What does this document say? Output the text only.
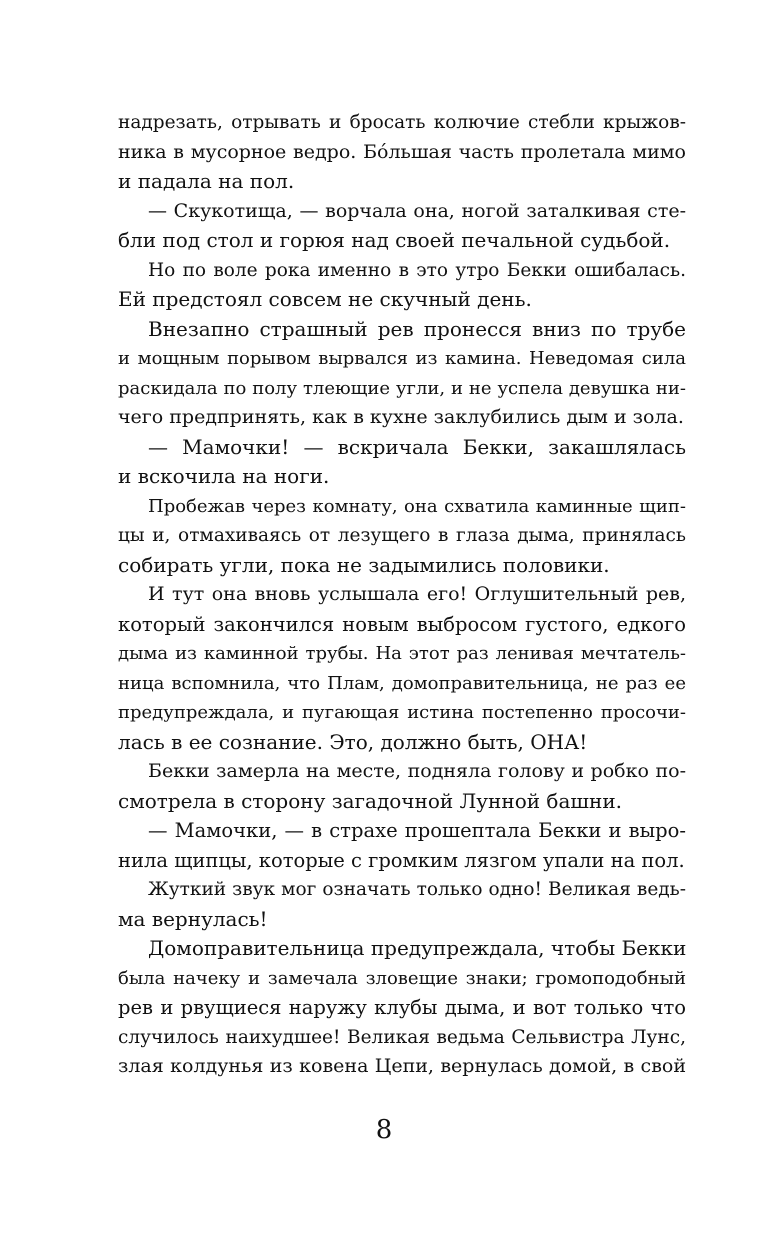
надрезать, отрывать и бросать колючие стебли крыжов-
ника в мусорное ведро. Бóльшая часть пролетала мимо
и падала на пол.
— Скукотища, — ворчала она, ногой заталкивая сте-
бли под стол и горюя над своей печальной судьбой.
Но по воле рока именно в это утро Бекки ошибалась.
Ей предстоял совсем не скучный день.
Внезапно страшный рев пронесся вниз по трубе
и мощным порывом вырвался из камина. Неведомая сила
раскидала по полу тлеющие угли, и не успела девушка ни-
чего предпринять, как в кухне заклубились дым и зола.
— Мамочки! — вскричала Бекки, закашлялась
и вскочила на ноги.
Пробежав через комнату, она схватила каминные щип-
цы и, отмахиваясь от лезущего в глаза дыма, принялась
собирать угли, пока не задымились половики.
И тут она вновь услышала его! Оглушительный рев,
который закончился новым выбросом густого, едкого
дыма из каминной трубы. На этот раз ленивая мечтатель-
ница вспомнила, что Плам, домоправительница, не раз ее
предупреждала, и пугающая истина постепенно просочи-
лась в ее сознание. Это, должно быть, ОНА!
Бекки замерла на месте, подняла голову и робко по-
смотрела в сторону загадочной Лунной башни.
— Мамочки, — в страхе прошептала Бекки и выро-
нила щипцы, которые с громким лязгом упали на пол.
Жуткий звук мог означать только одно! Великая ведь-
ма вернулась!
Домоправительница предупреждала, чтобы Бекки
была начеку и замечала зловещие знаки; громоподобный
рев и рвущиеся наружу клубы дыма, и вот только что
случилось наихудшее! Великая ведьма Сельвистра Лунс,
злая колдунья из ковена Цепи, вернулась домой, в свой
8
